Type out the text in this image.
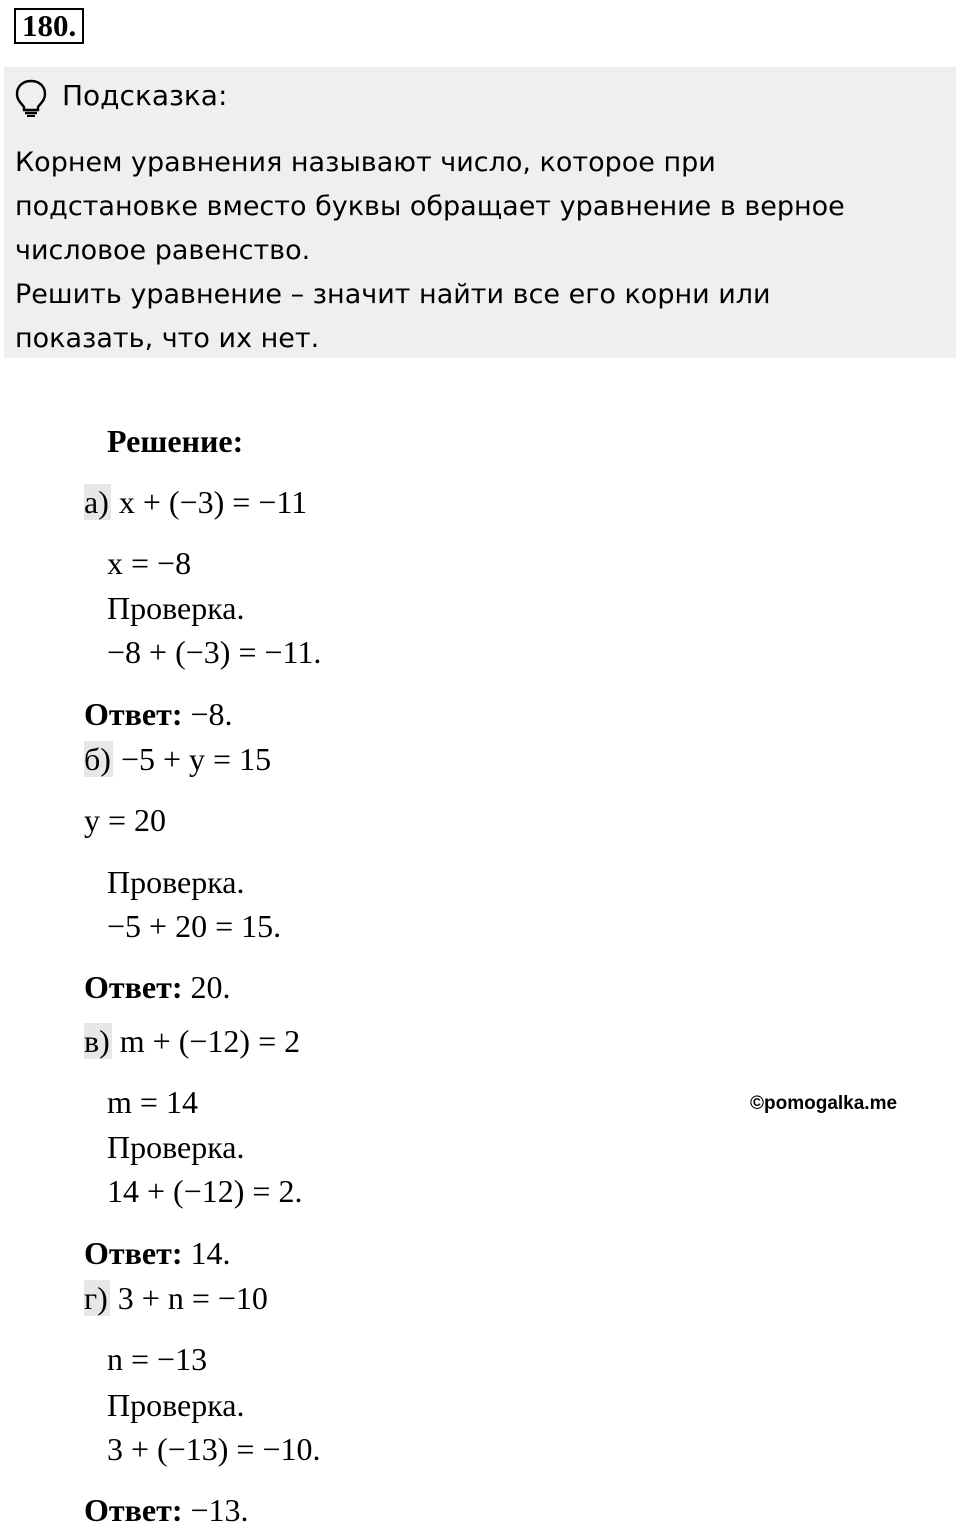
180.
Подсказка:
Корнем уравнения называют число, которое при
подстановке вместо буквы обращает уравнение в верное
числовое равенство.
Решить уравнение – значит найти все его корни или
показать, что их нет.
Решение:
а) x + (−3) = −11
x = −8
Проверка.
−8 + (−3) = −11.
Ответ: −8.
б) −5 + y = 15
y = 20
Проверка.
−5 + 20 = 15.
Ответ: 20.
в) m + (−12) = 2
m = 14
Проверка.
14 + (−12) = 2.
Ответ: 14.
г) 3 + n = −10
n = −13
Проверка.
3 + (−13) = −10.
Ответ: −13.
©pomogalka.me
